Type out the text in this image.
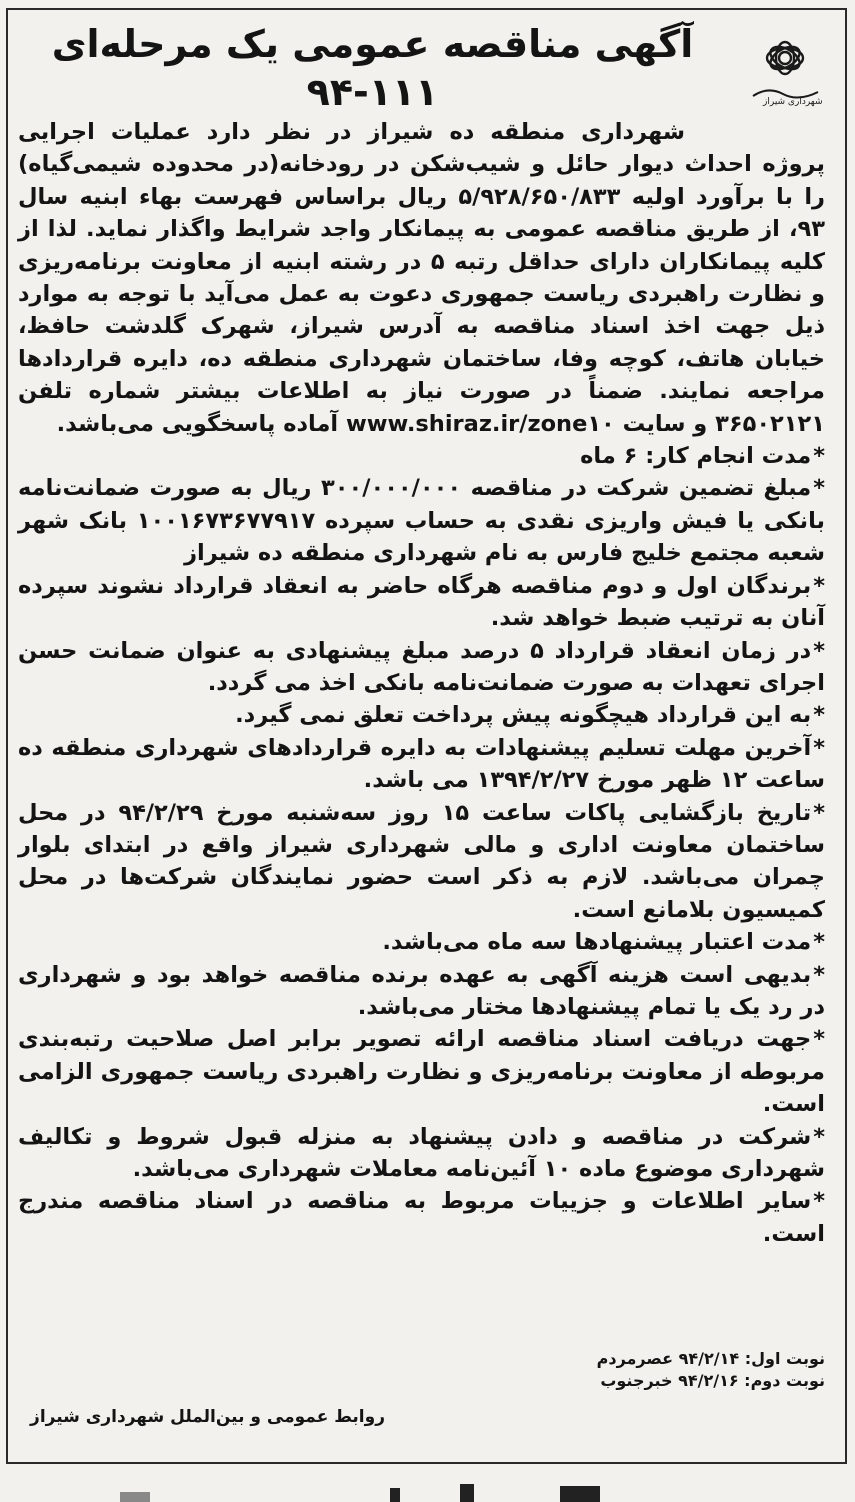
شهرداری شیراز
آگهی مناقصه عمومی یک مرحله‌ای
۹۴-۱۱۱

شهرداری منطقه ده شیراز در نظر دارد عملیات اجرایی پروژه احداث دیوار حائل و شیب‌شکن در رودخانه(در محدوده شیمی‌گیاه) را با برآورد اولیه ۵/۹۲۸/۶۵۰/۸۳۳ ریال براساس فهرست بهاء ابنیه سال ۹۳، از طریق مناقصه عمومی به پیمانکار واجد شرایط واگذار نماید. لذا از کلیه پیمانکاران دارای حداقل رتبه ۵ در رشته ابنیه از معاونت برنامه‌ریزی و نظارت راهبردی ریاست جمهوری دعوت به عمل می‌آید با توجه به موارد ذیل جهت اخذ اسناد مناقصه به آدرس شیراز، شهرک گلدشت حافظ، خیابان هاتف، کوچه وفا، ساختمان شهرداری منطقه ده، دایره قراردادها مراجعه نمایند. ضمناً در صورت نیاز به اطلاعات بیشتر شماره تلفن ۳۶۵۰۲۱۲۱ و سایت www.shiraz.ir/zone۱۰ آماده پاسخگویی می‌باشد.

*مدت انجام کار: ۶ ماه

*مبلغ تضمین شرکت در مناقصه ۳۰۰/۰۰۰/۰۰۰ ریال به صورت ضمانت‌نامه بانکی یا فیش واریزی نقدی به حساب سپرده ۱۰۰۱۶۷۳۶۷۷۹۱۷ بانک شهر شعبه مجتمع خلیج فارس به نام شهرداری منطقه ده شیراز

*برندگان اول و دوم مناقصه هرگاه حاضر به انعقاد قرارداد نشوند سپرده آنان به ترتیب ضبط خواهد شد.

*در زمان انعقاد قرارداد ۵ درصد مبلغ پیشنهادی به عنوان ضمانت حسن اجرای تعهدات به صورت ضمانت‌نامه بانکی اخذ می گردد.

*به این قرارداد هیچگونه پیش پرداخت تعلق نمی گیرد.

*آخرین مهلت تسلیم پیشنهادات به دایره قراردادهای شهرداری منطقه ده ساعت ۱۲ ظهر مورخ ۱۳۹۴/۲/۲۷ می باشد.

*تاریخ بازگشایی پاکات ساعت ۱۵ روز سه‌شنبه مورخ ۹۴/۲/۲۹ در محل ساختمان معاونت اداری و مالی شهرداری شیراز واقع در ابتدای بلوار چمران می‌باشد. لازم به ذکر است حضور نمایندگان شرکت‌ها در محل کمیسیون بلامانع است.

*مدت اعتبار پیشنهادها سه ماه می‌باشد.

*بدیهی است هزینه آگهی به عهده برنده مناقصه خواهد بود و شهرداری در رد یک یا تمام پیشنهادها مختار می‌باشد.

*جهت دریافت اسناد مناقصه ارائه تصویر برابر اصل صلاحیت رتبه‌بندی مربوطه از معاونت برنامه‌ریزی و نظارت راهبردی ریاست جمهوری الزامی است.

*شرکت در مناقصه و دادن پیشنهاد به منزله قبول شروط و تکالیف شهرداری موضوع ماده ۱۰ آئین‌نامه معاملات شهرداری می‌باشد.

*سایر اطلاعات و جزییات مربوط به مناقصه در اسناد مناقصه مندرج است.

نوبت اول: ۹۴/۲/۱۴ عصرمردم
نوبت دوم: ۹۴/۲/۱۶ خبرجنوب
روابط عمومی و بین‌الملل شهرداری شیراز
